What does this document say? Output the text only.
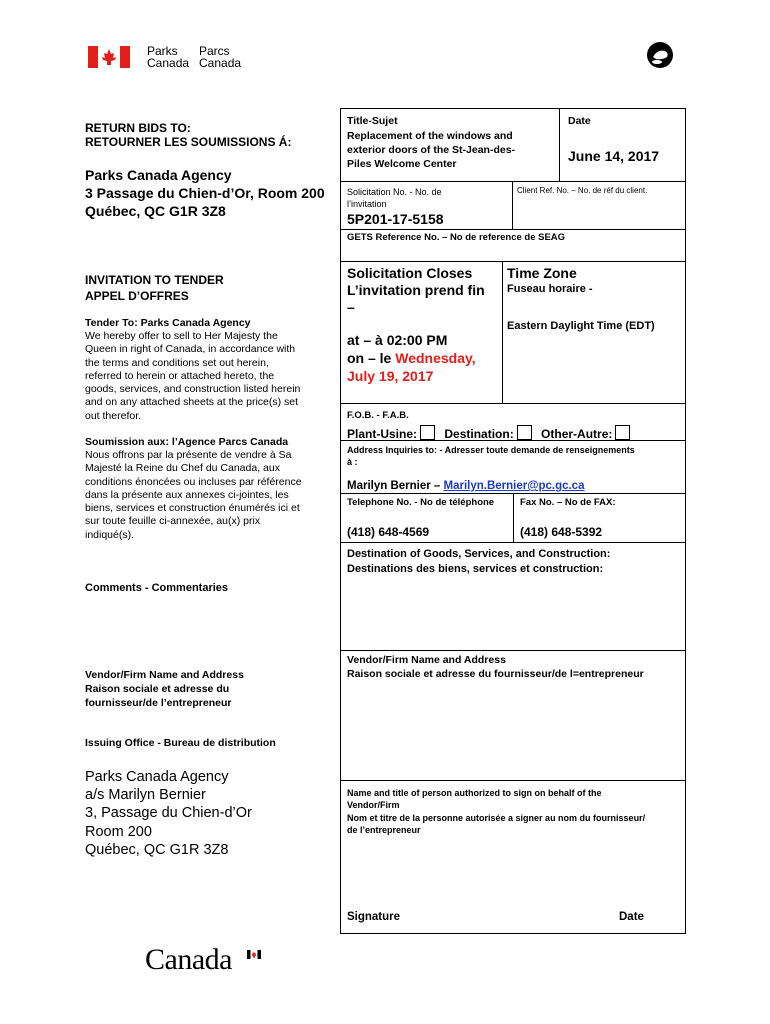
Parks
Canada
Parcs
Canada
RETURN BIDS TO:
RETOURNER LES SOUMISSIONS Á:
Parks Canada Agency
3 Passage du Chien-d’Or, Room 200
Québec, QC G1R 3Z8
INVITATION TO TENDER
APPEL D’OFFRES
Tender To: Parks Canada Agency
We hereby offer to sell to Her Majesty the
Queen in right of Canada, in accordance with
the terms and conditions set out herein,
referred to herein or attached hereto, the
goods, services, and construction listed herein
and on any attached sheets at the price(s) set
out therefor.
Soumission aux: l’Agence Parcs Canada
Nous offrons par la présente de vendre à Sa
Majesté la Reine du Chef du Canada, aux
conditions énoncées ou incluses par référence
dans la présente aux annexes ci-jointes, les
biens, services et construction énumérés ici et
sur toute feuille ci-annexée, au(x) prix
indiqué(s).
Comments - Commentaries
Vendor/Firm Name and Address
Raison sociale et adresse du
fournisseur/de l’entrepreneur
Issuing Office - Bureau de distribution
Parks Canada Agency
a/s Marilyn Bernier
3, Passage du Chien-d’Or
Room 200
Québec, QC G1R 3Z8
Canada
Title-Sujet
Replacement of the windows and
exterior doors of the St-Jean-des-
Piles Welcome Center
Date
June 14, 2017
Solicitation No. - No. de
l’invitation
5P201-17-5158
Client Ref. No. – No. de réf du client.
GETS Reference No. – No de reference de SEAG
Solicitation Closes
L’invitation prend fin
–
at – à 02:00 PM
on – le Wednesday,
July 19, 2017
Time Zone
Fuseau horaire -
Eastern Daylight Time (EDT)
F.O.B. - F.A.B.
Plant-Usine: Destination: Other-Autre:
Address Inquiries to: - Adresser toute demande de renseignements
à :
Marilyn Bernier – Marilyn.Bernier@pc.gc.ca
Telephone No. - No de téléphone
(418) 648-4569
Fax No. – No de FAX:
(418) 648-5392
Destination of Goods, Services, and Construction:
Destinations des biens, services et construction:
Vendor/Firm Name and Address
Raison sociale et adresse du fournisseur/de l=entrepreneur
Name and title of person authorized to sign on behalf of the
Vendor/Firm
Nom et titre de la personne autorisée a signer au nom du fournisseur/
de l’entrepreneur
Signature	Date
